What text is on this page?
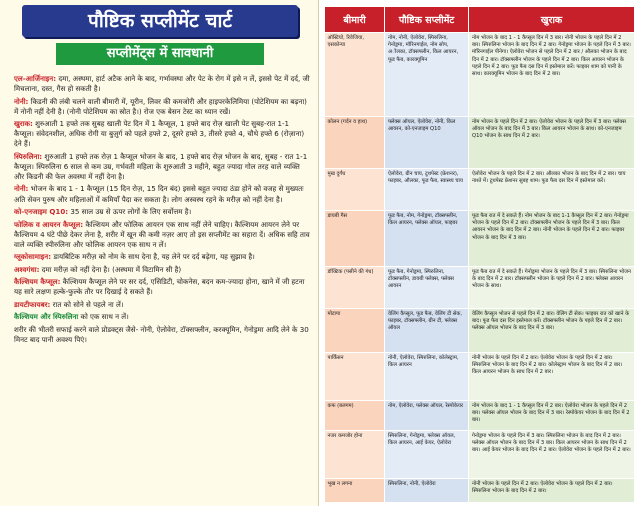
पौष्टिक सप्लीमेंट चार्ट
सप्लीमेंट्स में सावधानी

एल-आर्जिनाइन: दमा, अस्थमा, हार्ट अटैक आने के बाद, गर्भावस्था और पेट के रोग में इसे न लें, इससे पेट में दर्द, जी मिचलाना, दस्त, गैस हो सकती है।

नोनी: किडनी की लंबी चलने वाली बीमारी में, यूरीन, लिवर की कमजोरी और हाइपरकेलिमिया (पोटेशियम का बढ़ना) में नोनी नहीं देनी है। (नोनी पोटेशियम का स्रोत है।) रोज एक बेसन टेस्ट का ध्यान रखें।

खुराक: शुरुआती 1 हफ्ते तक सुबह खाली पेट दिन में 1 कैप्सूल, 1 हफ्ते बाद रोज़ खाली पेट सुबह-रात 1-1 कैप्सूल। संवेदनशील, अधिक रोगी या बुज़ुर्ग को पहले हफ्ते 2, दूसरे हफ्ते 3, तीसरे हफ्ते 4, चौथे हफ्ते 6 (रोज़ाना) देने हैं।

स्पिरुलिना: शुरुआती 1 हफ्ते तक रोज़ 1 कैप्सूल भोजन के बाद, 1 हफ्ते बाद रोज़ भोजन के बाद, सुबह - रात 1-1 कैप्सूल। स्पिरुलिना 6 साल से कम उम्र, गर्भवती महिला के शुरुआती 3 महीने, बहुत ज्यादा गोल तरह वाले व्यक्ति और किडनी की फेल अवस्था में नहीं देना है।

नोनी: भोजन के बाद 1 - 1 कैप्सूल (15 दिन रोज़, 15 दिन बंद) इससे बहुत ज्यादा ठंडा होने को वजह से मुख्यतः अति सेवन पुरुष और महिलाओं में कमियाँ पैदा कर सकता है। लोग अस्वस्थ रहने के मरीज़ को नहीं देना है।

को-एनजाइम Q10: 35 साल उम्र से ऊपर लोगों के लिए सर्वोत्तम है।

फोलिक व आयरन कैप्सूल: कैल्शियम और फोलिक आयरन एक साथ नहीं लेने चाहिए। कैल्शियम आयरन लेने पर कैल्शियम 4 घंटे पीछे देकर लेना है, शरीर में खून की कमी नज़र आए तो इस सप्लीमेंट का सहारा दें। अधिक सहि ताव वाले व्यक्ति स्पीरुलिना और फोलिक आयरन एक साथ न लें।

ग्लूकोसामाइन: डायबिटिक मरीज़ को नोम के साथ देना है, यह लेने पर दर्द बढ़ेगा, यह सुझाव है।

अश्वगंधा: दमा मरीज़ को नहीं देना है। (अस्थमा में विटामिन सी है)

कैल्शियम कैप्सूल: कैल्शियम कैप्सूल लेने पर सर दर्द, एसिडिटी, चोकनेस, बदन कम-ज्यादा होना, खाने में जी हटना यह सारे लक्षण हल्के-फुल्के तौर पर दिखाई दे सकते हैं।

डायटीफायबर: रात को सोने से पहले ना लें।

कैल्शियम और स्पिरुलिना को एक साथ न लें।

शरीर की भीतरी सफाई करने वाले प्रोडक्ट्स जैसे- नोनी, ऐलोवेरा, टॉक्सफ्लीन, करक्यूमिन, गेनोड्रमा आदि लेने के 30 मिनट बाद पानी अवश्य पिएं।

बीमारी	पौष्टिक सप्लीमेंट	खुराक
ऑस्टियो, रिवेजिया, एसकोन्या	नोम, नोनी, ऐलोवेरा, स्पिरुलिना, गेनोड्रमा, मॉरिनगाईल, नोम सोप, अौलका, टॉक्सफ्लीन, किल आयरन, फूड फैब, कारक्यूमिन	नोम भोजन के बाद 1 - 1 कैप्सूल दिन में 3 बार। नोनी भोजन के पहले दिन में 2 बार। स्पिरुलिना भोजन के बाद दिन में 2 बार। गेनोड्रमा भोजन के पहले दिन में 3 बार। मॉरिनगाईल पीनेगा। ऐलोवेरा भोजन से पहले दिन में 2 बार / औलका भोजन के बाद दिन में 2 बार। टॉक्सफ्लीन भोजन के पहले दिन में 2 बार। किल आयरन भोजन के पहले दिन में 2 बार। फूड फैब दस दिन में इस्तेमाल करें। फाइबर शाम को पानी के साथ। कारक्यूमिन भोजन के बाद दिन में 2 बार।
कोलन (गर्दन व हाथ)	फ्लेक्स ऑयल, ऐलोवेरा, नोनी, किल आयरन, को-एनजाइम Q10	नोम भोजन के पहले दिन में 2 बार। ऐलोवेरा भोजन के पहले दिन में 3 बार। फ्लेक्स ऑयल भोजन के बाद दिन में 3 बार। किल आयरन भोजन के साथ। को-एनजाइम Q10 भोजन के साथ दिन में 2 बार।
मुख दुर्गंध	ऐलोवेरा, ग्रीन चाय, टूथपेस्ट (फ्रेशनर), फाइबर, औलका, फूड फैब, स्वास्थ्य चाय	ऐलोवेरा भोजन के पहले दिन में 2 बार। औलका भोजन के बाद दिन में 2 बार। चाय नाश्ते में। टूथपेस्ट फ्रेशनर सुबह शाम। फूड फैब दस दिन में इस्तेमाल करें।
डायबी गैस	फूड फैब, नोम, गेनोड्रमा, टॉक्सफ्लीन, किल आयरन, फ्लेक्स ऑयल, फाइबर	फूड फैब रात में दे सकते हैं। नोम भोजन के बाद 1-1 कैप्सूल दिन में 2 बार। गेनोड्रमा भोजन के पहले दिन में 2 बार। टॉक्सफ्लीन भोजन के पहले दिन में 3 बार। किल आयरन भोजन के बाद दिन में 2 बार। नोनी भोजन के पहले दिन में 2 बार। फाइबर भोजन के बाद दिन में 3 बार।
डॉक्टिक (पसीने की गंध)	फूड फैब, गेनोड्रमा, स्पिरुलिना, टॉक्सफ्लीन, डायबी फ्लेक्स, फ्लेक्स आयरन	फूड फैब रात में दे सकते हैं। गेनोड्रमा भोजन के पहले दिन में 3 बार। स्पिरुलिना भोजन के बाद दिन में 2 बार। टॉक्सफ्लीन भोजन के पहले दिन में 2 बार। फ्लेक्स आयरन भोजन के साथ।
मोटापा	वेलिंग कैप्सूल, फूड फैब, वेलिंग टी सेक, फाइबर, टॉक्सफ्लीन, ग्रीन टी, फ्लेक्स ऑयल	वेलिंग कैप्सूल भोजन से पहले दिन में 2 बार। वेलिंग टी सेक। फाइबर रात को खाने के बाद। फूड फैब दस दिन इस्तेमाल करें। टॉक्सफ्लीन भोजन के पहले दिन में 2 बार। फ्लेक्स ऑयल भोजन के बाद दिन में 3 बार।
पार्किंसन	नोनी, ऐलोवेरा, स्पिरुलिना, कोलेस्ट्राम, किल आयरन	नोनी भोजन के पहले दिन में 2 बार। ऐलोवेरा भोजन के पहले दिन में 2 बार। स्पिरुलिना भोजन के बाद दिन में 2 बार। कोलेस्ट्राम भोजन के बाद दिन में 2 बार। किल आयरन भोजन के साथ दिन में 2 बार।
कफ (बलगम)	नोम, ऐलोवेरा, फ्लेक्स ऑयल, रेस्पोकेयर	नोम भोजन के बाद 1 - 1 कैप्सूल दिन में 2 बार। ऐलोवेरा भोजन के पहले दिन में 2 बार। फ्लेक्स ऑयल भोजन के बाद दिन में 3 बार। रेस्पोकेयर भोजन के बाद दिन में 2 बार।
नजर कमजोर होना	स्पिरुलिना, गेनोड्रमा, फ्लेक्स ऑयल, किल आयरन, आई केयर, ऐलोवेरा	गेनोड्रमा भोजन के पहले दिन में 3 बार। स्पिरुलिना भोजन के बाद दिन में 2 बार। फ्लेक्स ऑयल भोजन के बाद दिन में 3 बार। किल आयरन भोजन के साथ दिन में 2 बार। आई केयर भोजन के बाद दिन में 2 बार। ऐलोवेरा भोजन के पहले दिन में 2 बार।
भूख न लगना	स्पिरुलिना, नोनी, ऐलोवेरा	नोनी भोजन के पहले दिन में 2 बार। ऐलोवेरा भोजन के पहले दिन में 2 बार। स्पिरुलिना भोजन के बाद दिन में 2 बार।
